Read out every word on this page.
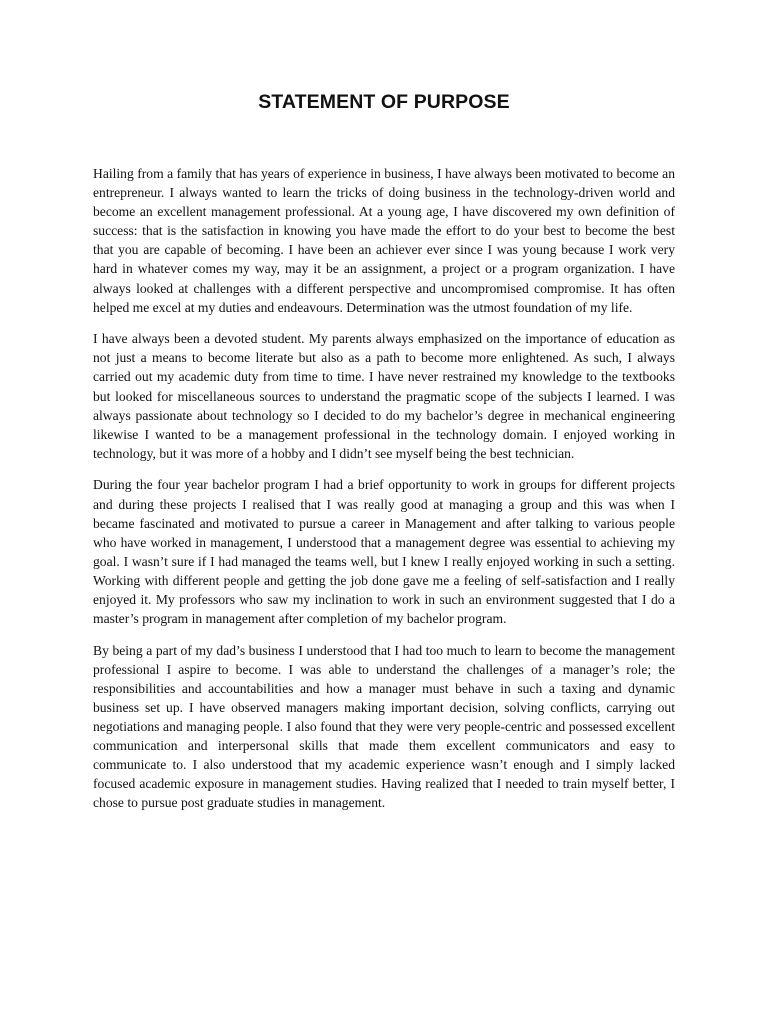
STATEMENT OF PURPOSE

Hailing from a family that has years of experience in business, I have always been motivated to become an entrepreneur. I always wanted to learn the tricks of doing business in the technology-driven world and become an excellent management professional. At a young age, I have discovered my own definition of success: that is the satisfaction in knowing you have made the effort to do your best to become the best that you are capable of becoming. I have been an achiever ever since I was young because I work very hard in whatever comes my way, may it be an assignment, a project or a program organization. I have always looked at challenges with a different perspective and uncompromised compromise. It has often helped me excel at my duties and endeavours. Determination was the utmost foundation of my life.

I have always been a devoted student. My parents always emphasized on the importance of education as not just a means to become literate but also as a path to become more enlightened. As such, I always carried out my academic duty from time to time. I have never restrained my knowledge to the textbooks but looked for miscellaneous sources to understand the pragmatic scope of the subjects I learned. I was always passionate about technology so I decided to do my bachelor’s degree in mechanical engineering likewise I wanted to be a management professional in the technology domain. I enjoyed working in technology, but it was more of a hobby and I didn’t see myself being the best technician.

During the four year bachelor program I had a brief opportunity to work in groups for different projects and during these projects I realised that I was really good at managing a group and this was when I became fascinated and motivated to pursue a career in Management and after talking to various people who have worked in management, I understood that a management degree was essential to achieving my goal. I wasn’t sure if I had managed the teams well, but I knew I really enjoyed working in such a setting. Working with different people and getting the job done gave me a feeling of self-satisfaction and I really enjoyed it. My professors who saw my inclination to work in such an environment suggested that I do a master’s program in management after completion of my bachelor program.

By being a part of my dad’s business I understood that I had too much to learn to become the management professional I aspire to become. I was able to understand the challenges of a manager’s role; the responsibilities and accountabilities and how a manager must behave in such a taxing and dynamic business set up. I have observed managers making important decision, solving conflicts, carrying out negotiations and managing people. I also found that they were very people-centric and possessed excellent communication and interpersonal skills that made them excellent communicators and easy to communicate to. I also understood that my academic experience wasn’t enough and I simply lacked focused academic exposure in management studies. Having realized that I needed to train myself better, I chose to pursue post graduate studies in management.
